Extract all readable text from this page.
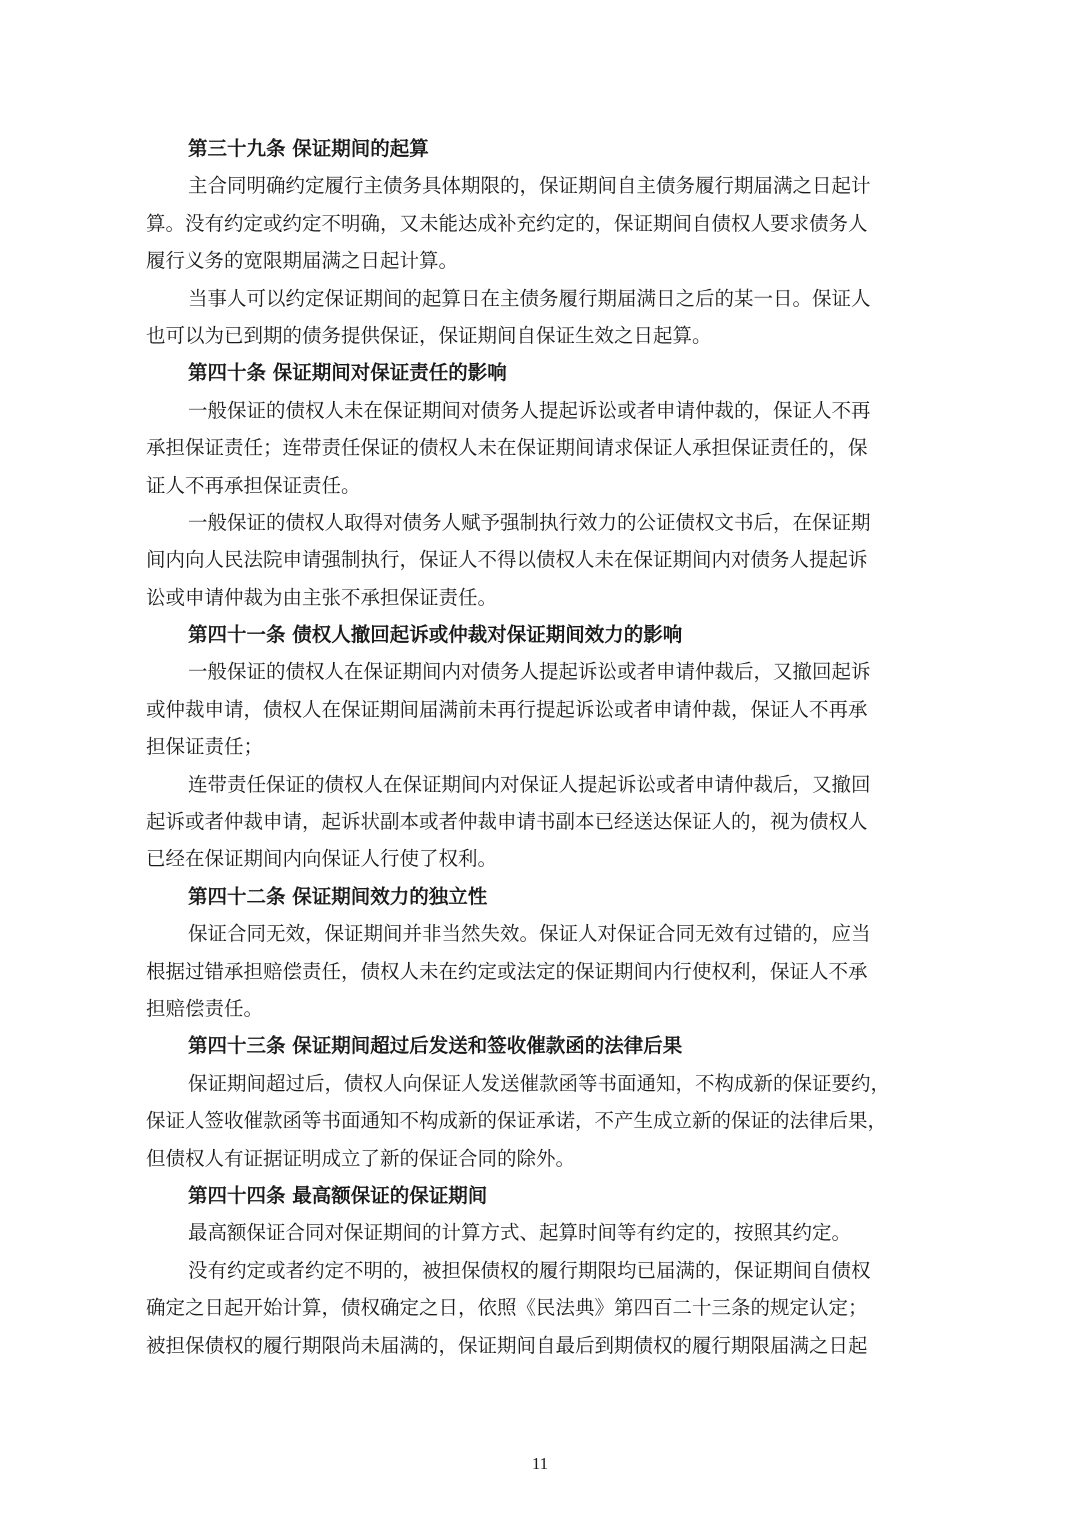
第三十九条 保证期间的起算
主合同明确约定履行主债务具体期限的，保证期间自主债务履行期届满之日起计
算。没有约定或约定不明确，又未能达成补充约定的，保证期间自债权人要求债务人
履行义务的宽限期届满之日起计算。
当事人可以约定保证期间的起算日在主债务履行期届满日之后的某一日。保证人
也可以为已到期的债务提供保证，保证期间自保证生效之日起算。
第四十条 保证期间对保证责任的影响
一般保证的债权人未在保证期间对债务人提起诉讼或者申请仲裁的，保证人不再
承担保证责任；连带责任保证的债权人未在保证期间请求保证人承担保证责任的，保
证人不再承担保证责任。
一般保证的债权人取得对债务人赋予强制执行效力的公证债权文书后，在保证期
间内向人民法院申请强制执行，保证人不得以债权人未在保证期间内对债务人提起诉
讼或申请仲裁为由主张不承担保证责任。
第四十一条 债权人撤回起诉或仲裁对保证期间效力的影响
一般保证的债权人在保证期间内对债务人提起诉讼或者申请仲裁后，又撤回起诉
或仲裁申请，债权人在保证期间届满前未再行提起诉讼或者申请仲裁，保证人不再承
担保证责任；
连带责任保证的债权人在保证期间内对保证人提起诉讼或者申请仲裁后，又撤回
起诉或者仲裁申请，起诉状副本或者仲裁申请书副本已经送达保证人的，视为债权人
已经在保证期间内向保证人行使了权利。
第四十二条 保证期间效力的独立性
保证合同无效，保证期间并非当然失效。保证人对保证合同无效有过错的，应当
根据过错承担赔偿责任，债权人未在约定或法定的保证期间内行使权利，保证人不承
担赔偿责任。
第四十三条 保证期间超过后发送和签收催款函的法律后果
保证期间超过后，债权人向保证人发送催款函等书面通知，不构成新的保证要约，
保证人签收催款函等书面通知不构成新的保证承诺，不产生成立新的保证的法律后果，
但债权人有证据证明成立了新的保证合同的除外。
第四十四条 最高额保证的保证期间
最高额保证合同对保证期间的计算方式、起算时间等有约定的，按照其约定。
没有约定或者约定不明的，被担保债权的履行期限均已届满的，保证期间自债权
确定之日起开始计算，债权确定之日，依照《民法典》第四百二十三条的规定认定；
被担保债权的履行期限尚未届满的，保证期间自最后到期债权的履行期限届满之日起
11
